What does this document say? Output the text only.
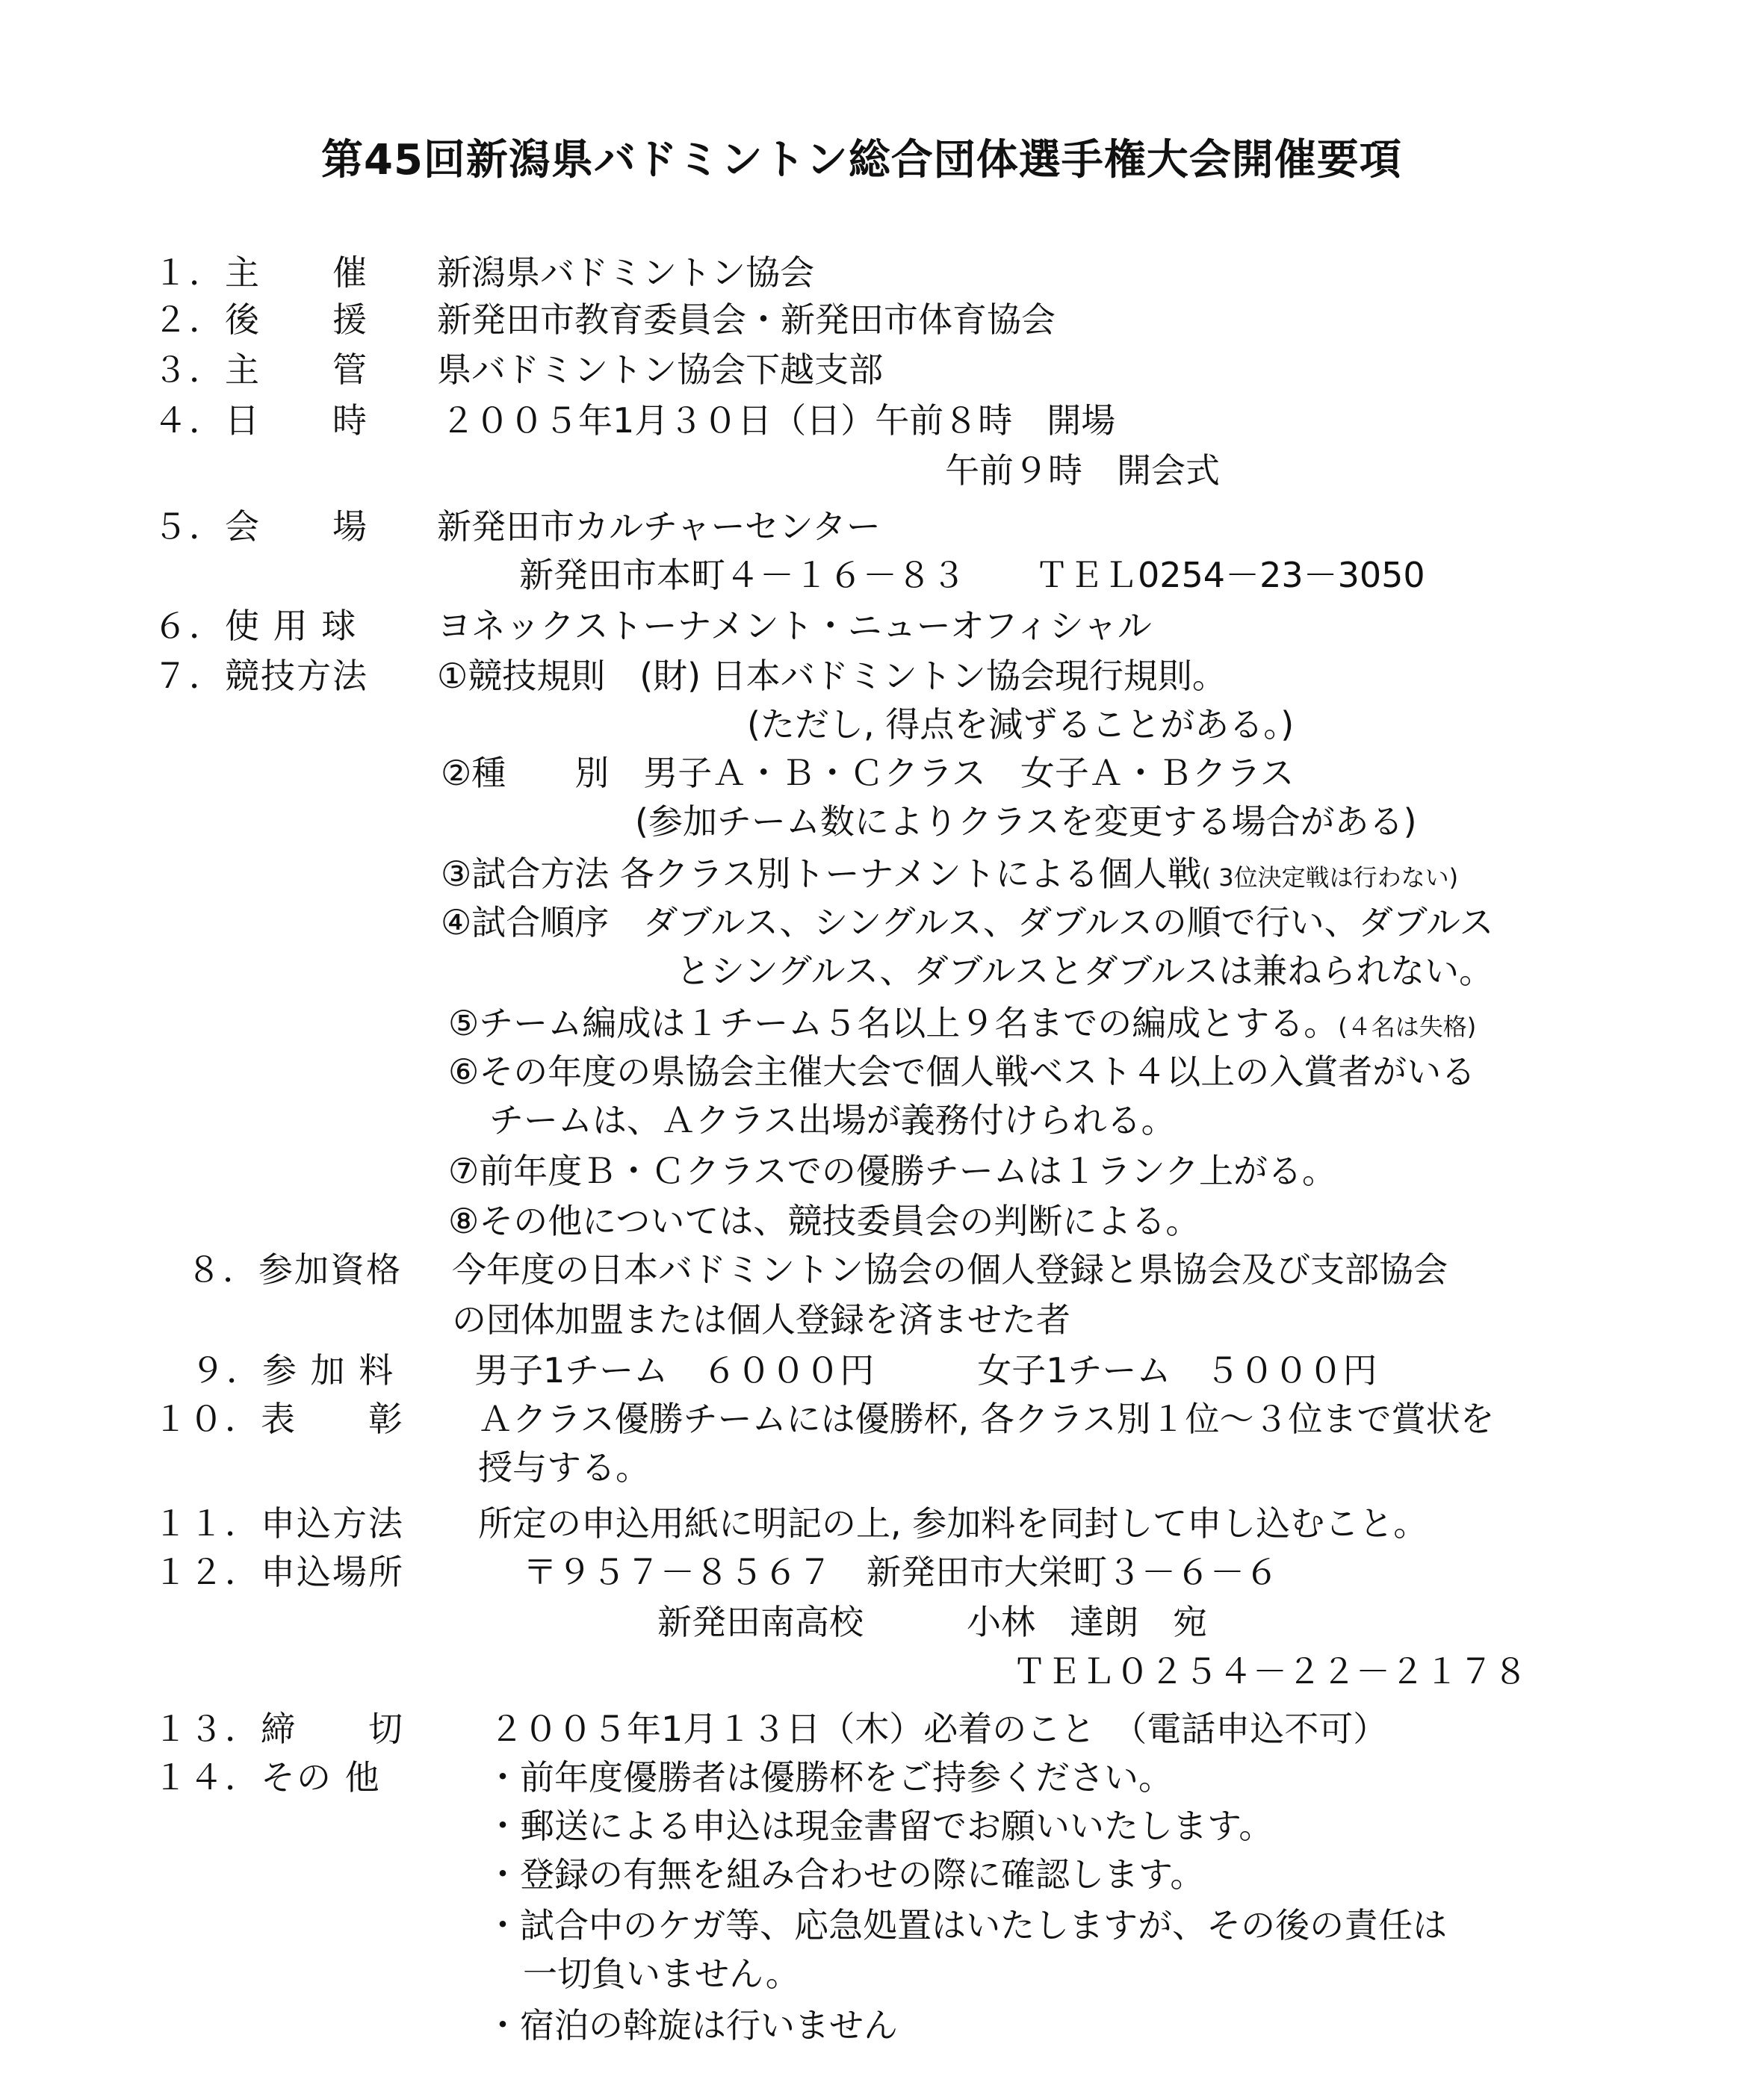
第45回新潟県バドミントン総合団体選手権大会開催要項
１．主　　催 新潟県バドミントン協会
２．後　　援 新発田市教育委員会・新発田市体育協会
３．主　　管 県バドミントン協会下越支部
４．日　　時 ２００５年1月３０日（日）午前８時　開場
午前９時　開会式
５．会　　場 新発田市カルチャーセンター
新発田市本町４－１６－８３　　ＴＥＬ0254－23－3050
６．使 用 球 ヨネックストーナメント・ニューオフィシャル
７．競技方法 ①競技規則　(財) 日本バドミントン協会現行規則。
(ただし, 得点を減ずることがある。)
②種　　別　男子Ａ・Ｂ・Ｃクラス　女子Ａ・Ｂクラス
(参加チーム数によりクラスを変更する場合がある)
③試合方法 各クラス別トーナメントによる個人戦( 3位決定戦は行わない)
④試合順序　ダブルス、シングルス、ダブルスの順で行い、ダブルス
とシングルス、ダブルスとダブルスは兼ねられない。
⑤チーム編成は１チーム５名以上９名までの編成とする。(４名は失格)
⑥その年度の県協会主催大会で個人戦ベスト４以上の入賞者がいる
チームは、Ａクラス出場が義務付けられる。
⑦前年度Ｂ・Ｃクラスでの優勝チームは１ランク上がる。
⑧その他については、競技委員会の判断による。
８．参加資格 今年度の日本バドミントン協会の個人登録と県協会及び支部協会
の団体加盟または個人登録を済ませた者
９．参 加 料 男子1チーム　６０００円　　　女子1チーム　５０００円
１０．表　　彰 Ａクラス優勝チームには優勝杯, 各クラス別１位～３位まで賞状を
授与する。
１１．申込方法 所定の申込用紙に明記の上, 参加料を同封して申し込むこと。
１２．申込場所	〒９５７－８５６７　新発田市大栄町３－６－６
新発田南高校　　　小林　達朗　宛
ＴＥＬ０２５４－２２－２１７８
１３．締　　切 ２００５年1月１３日（木）必着のこと　（電話申込不可）
１４．その 他	・前年度優勝者は優勝杯をご持参ください。
・郵送による申込は現金書留でお願いいたします。
・登録の有無を組み合わせの際に確認します。
・試合中のケガ等、応急処置はいたしますが、その後の責任は
一切負いません。
・宿泊の斡旋は行いません
